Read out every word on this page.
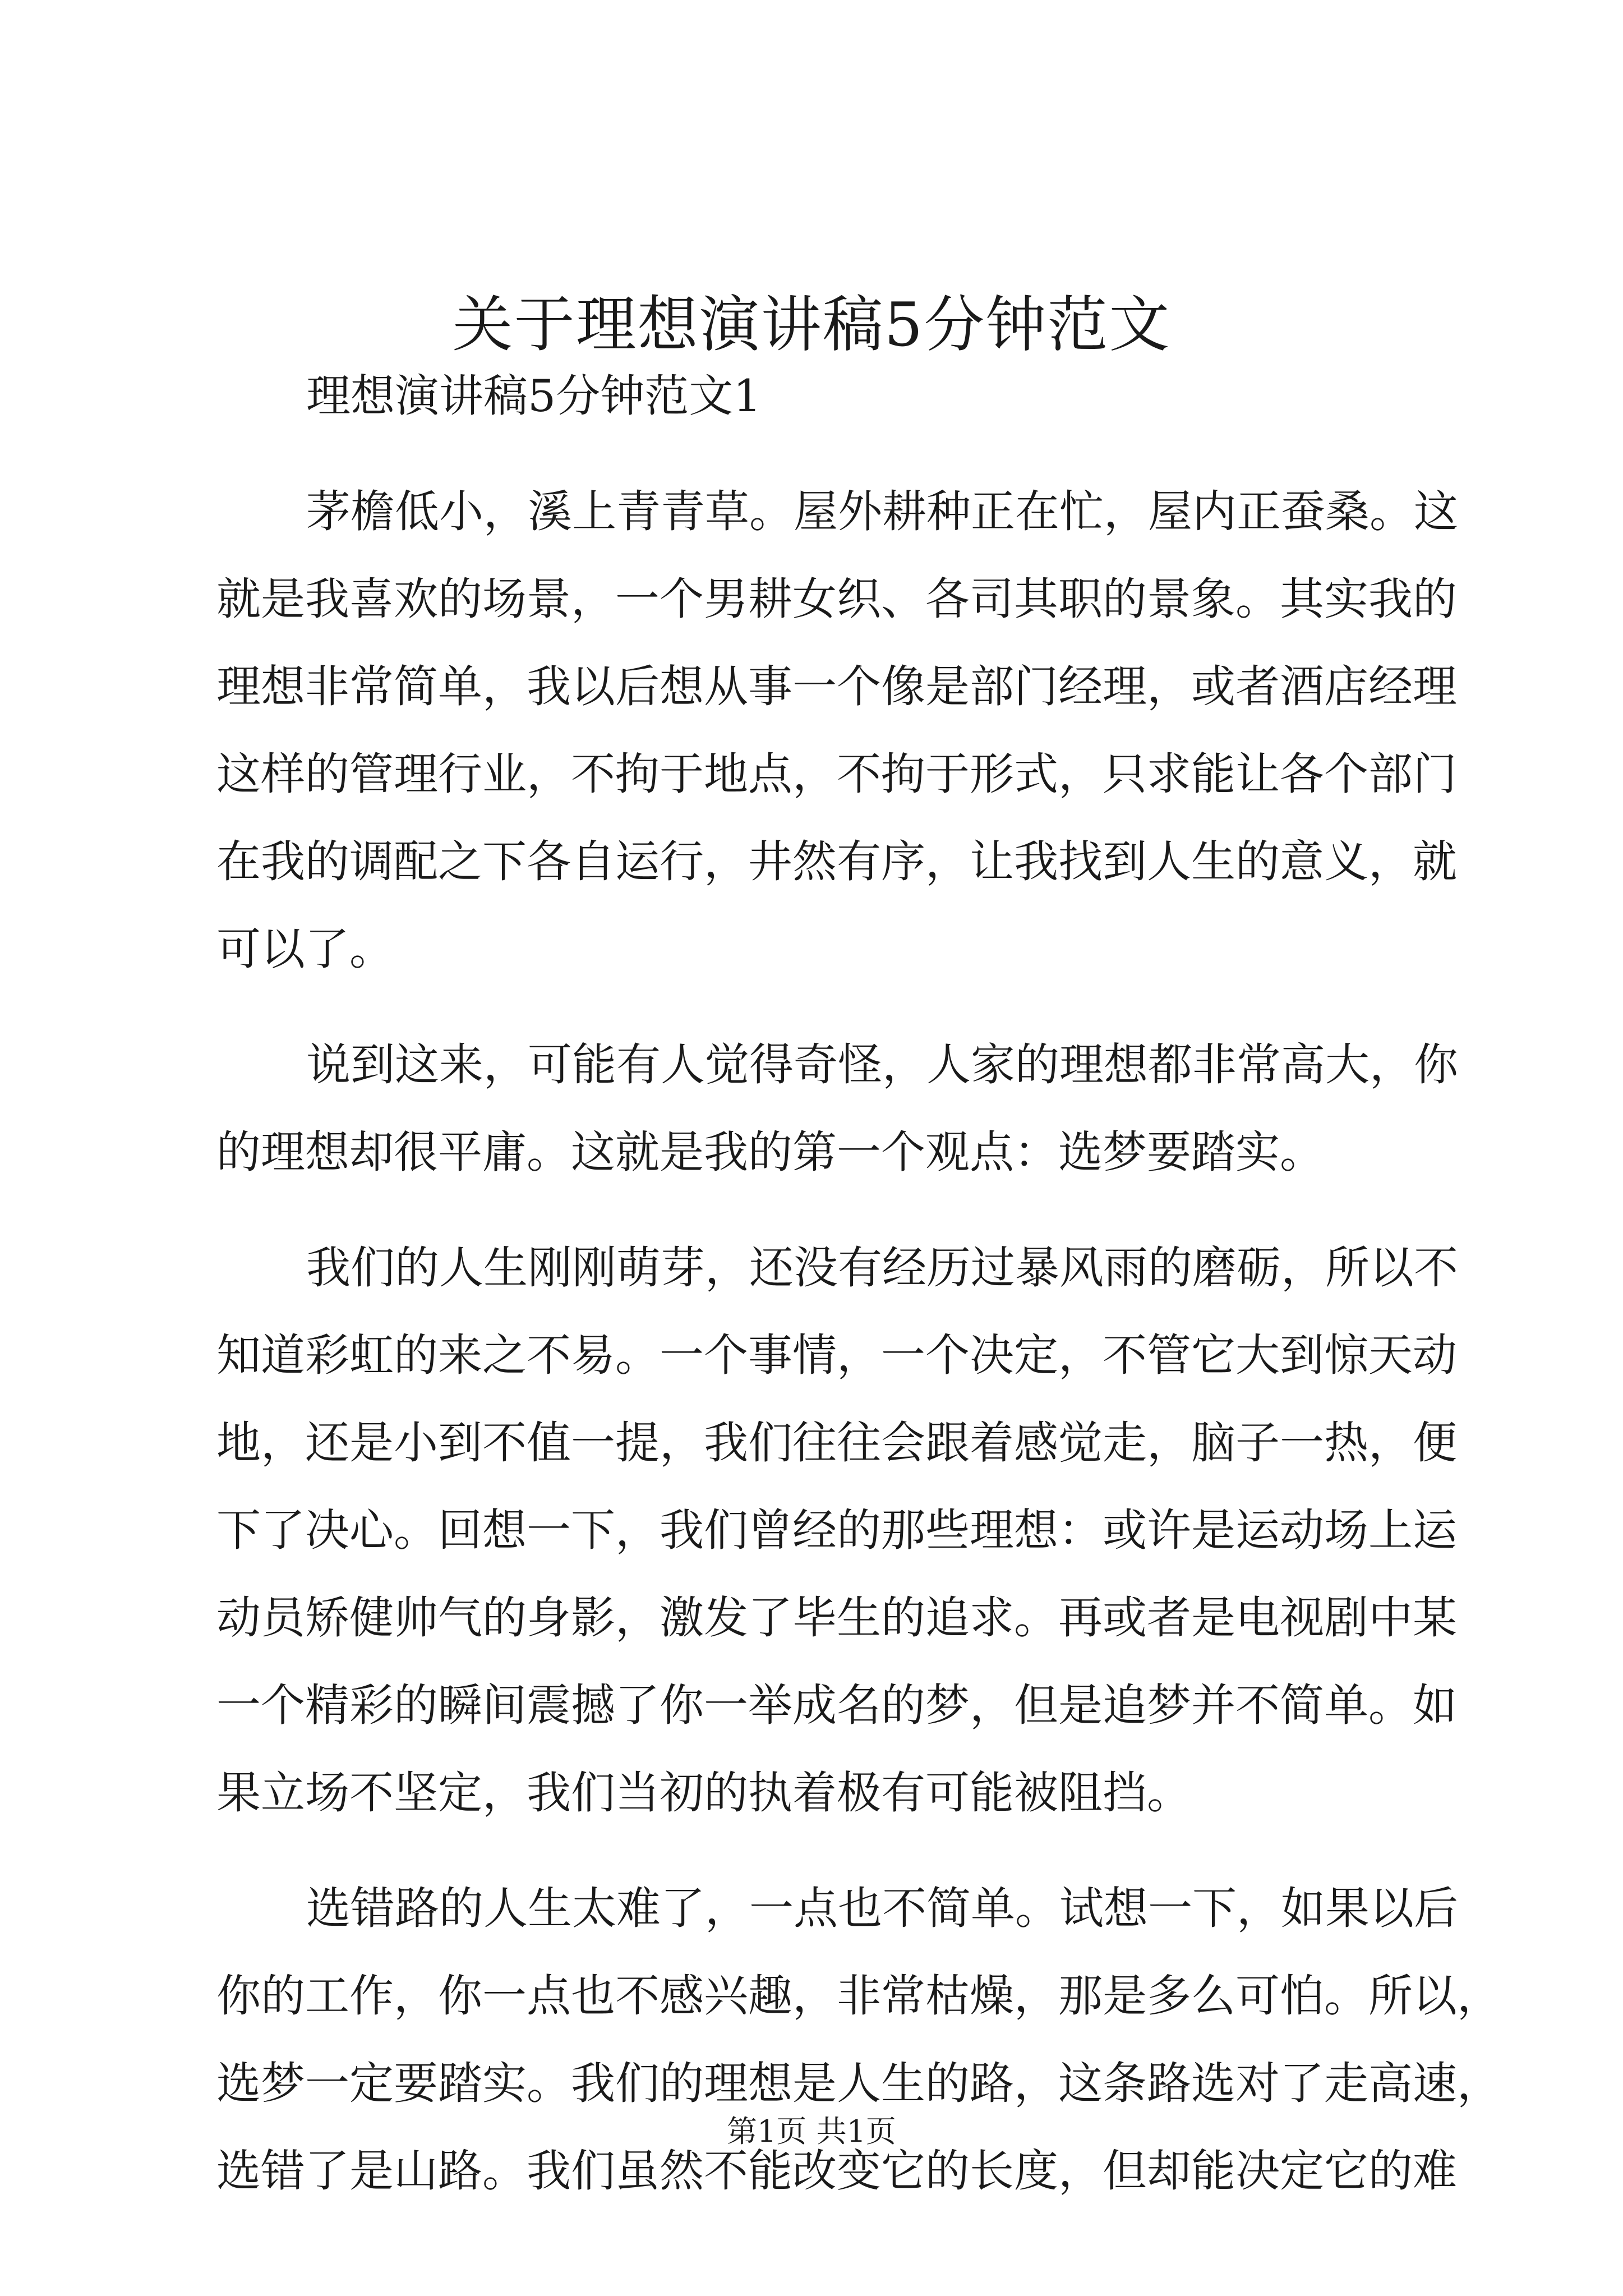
关于理想演讲稿5分钟范文
理想演讲稿5分钟范文1
茅檐低小，溪上青青草。屋外耕种正在忙，屋内正蚕桑。这
就是我喜欢的场景，一个男耕女织、各司其职的景象。其实我的
理想非常简单，我以后想从事一个像是部门经理，或者酒店经理
这样的管理行业，不拘于地点，不拘于形式，只求能让各个部门
在我的调配之下各自运行，井然有序，让我找到人生的意义，就
可以了。
说到这来，可能有人觉得奇怪，人家的理想都非常高大，你
的理想却很平庸。这就是我的第一个观点：选梦要踏实。
我们的人生刚刚萌芽，还没有经历过暴风雨的磨砺，所以不
知道彩虹的来之不易。一个事情，一个决定，不管它大到惊天动
地，还是小到不值一提，我们往往会跟着感觉走，脑子一热，便
下了决心。回想一下，我们曾经的那些理想：或许是运动场上运
动员矫健帅气的身影，激发了毕生的追求。再或者是电视剧中某
一个精彩的瞬间震撼了你一举成名的梦，但是追梦并不简单。如
果立场不坚定，我们当初的执着极有可能被阻挡。
选错路的人生太难了，一点也不简单。试想一下，如果以后
你的工作，你一点也不感兴趣，非常枯燥，那是多么可怕。所以，
选梦一定要踏实。我们的理想是人生的路，这条路选对了走高速，
选错了是山路。我们虽然不能改变它的长度，但却能决定它的难
第1页 共1页
